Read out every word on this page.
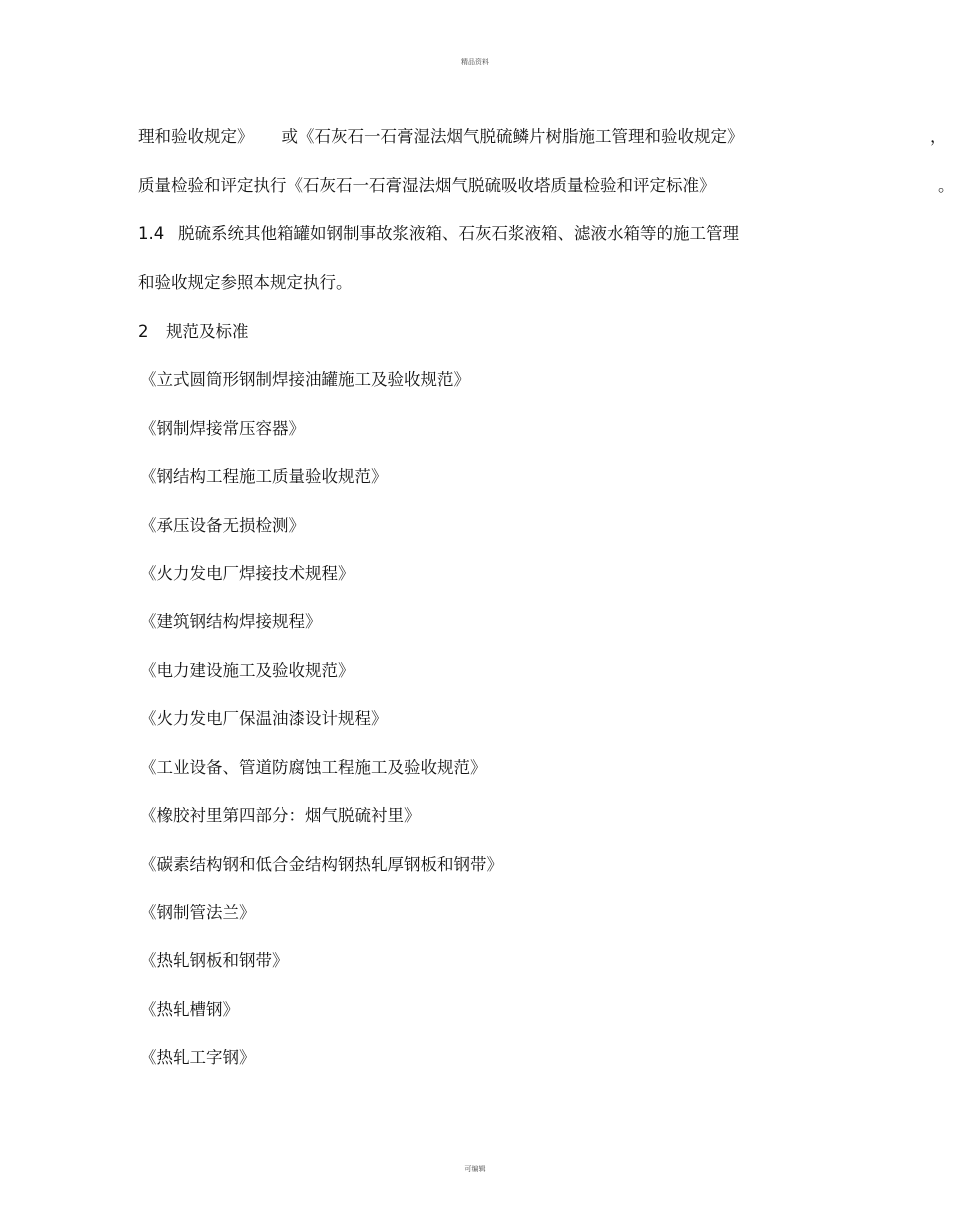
精品资料
理和验收规定》 或《石灰石一石膏湿法烟气脱硫鳞片树脂施工管理和验收规定》	，
质量检验和评定执行《石灰石一石膏湿法烟气脱硫吸收塔质量检验和评定标准》	。
1.4 脱硫系统其他箱罐如钢制事故浆液箱、石灰石浆液箱、滤液水箱等的施工管理
和验收规定参照本规定执行。
2 规范及标准
《立式圆筒形钢制焊接油罐施工及验收规范》
《钢制焊接常压容器》
《钢结构工程施工质量验收规范》
《承压设备无损检测》
《火力发电厂焊接技术规程》
《建筑钢结构焊接规程》
《电力建设施工及验收规范》
《火力发电厂保温油漆设计规程》
《工业设备、管道防腐蚀工程施工及验收规范》
《橡胶衬里第四部分：烟气脱硫衬里》
《碳素结构钢和低合金结构钢热轧厚钢板和钢带》
《钢制管法兰》
《热轧钢板和钢带》
《热轧槽钢》
《热轧工字钢》
可编辑
